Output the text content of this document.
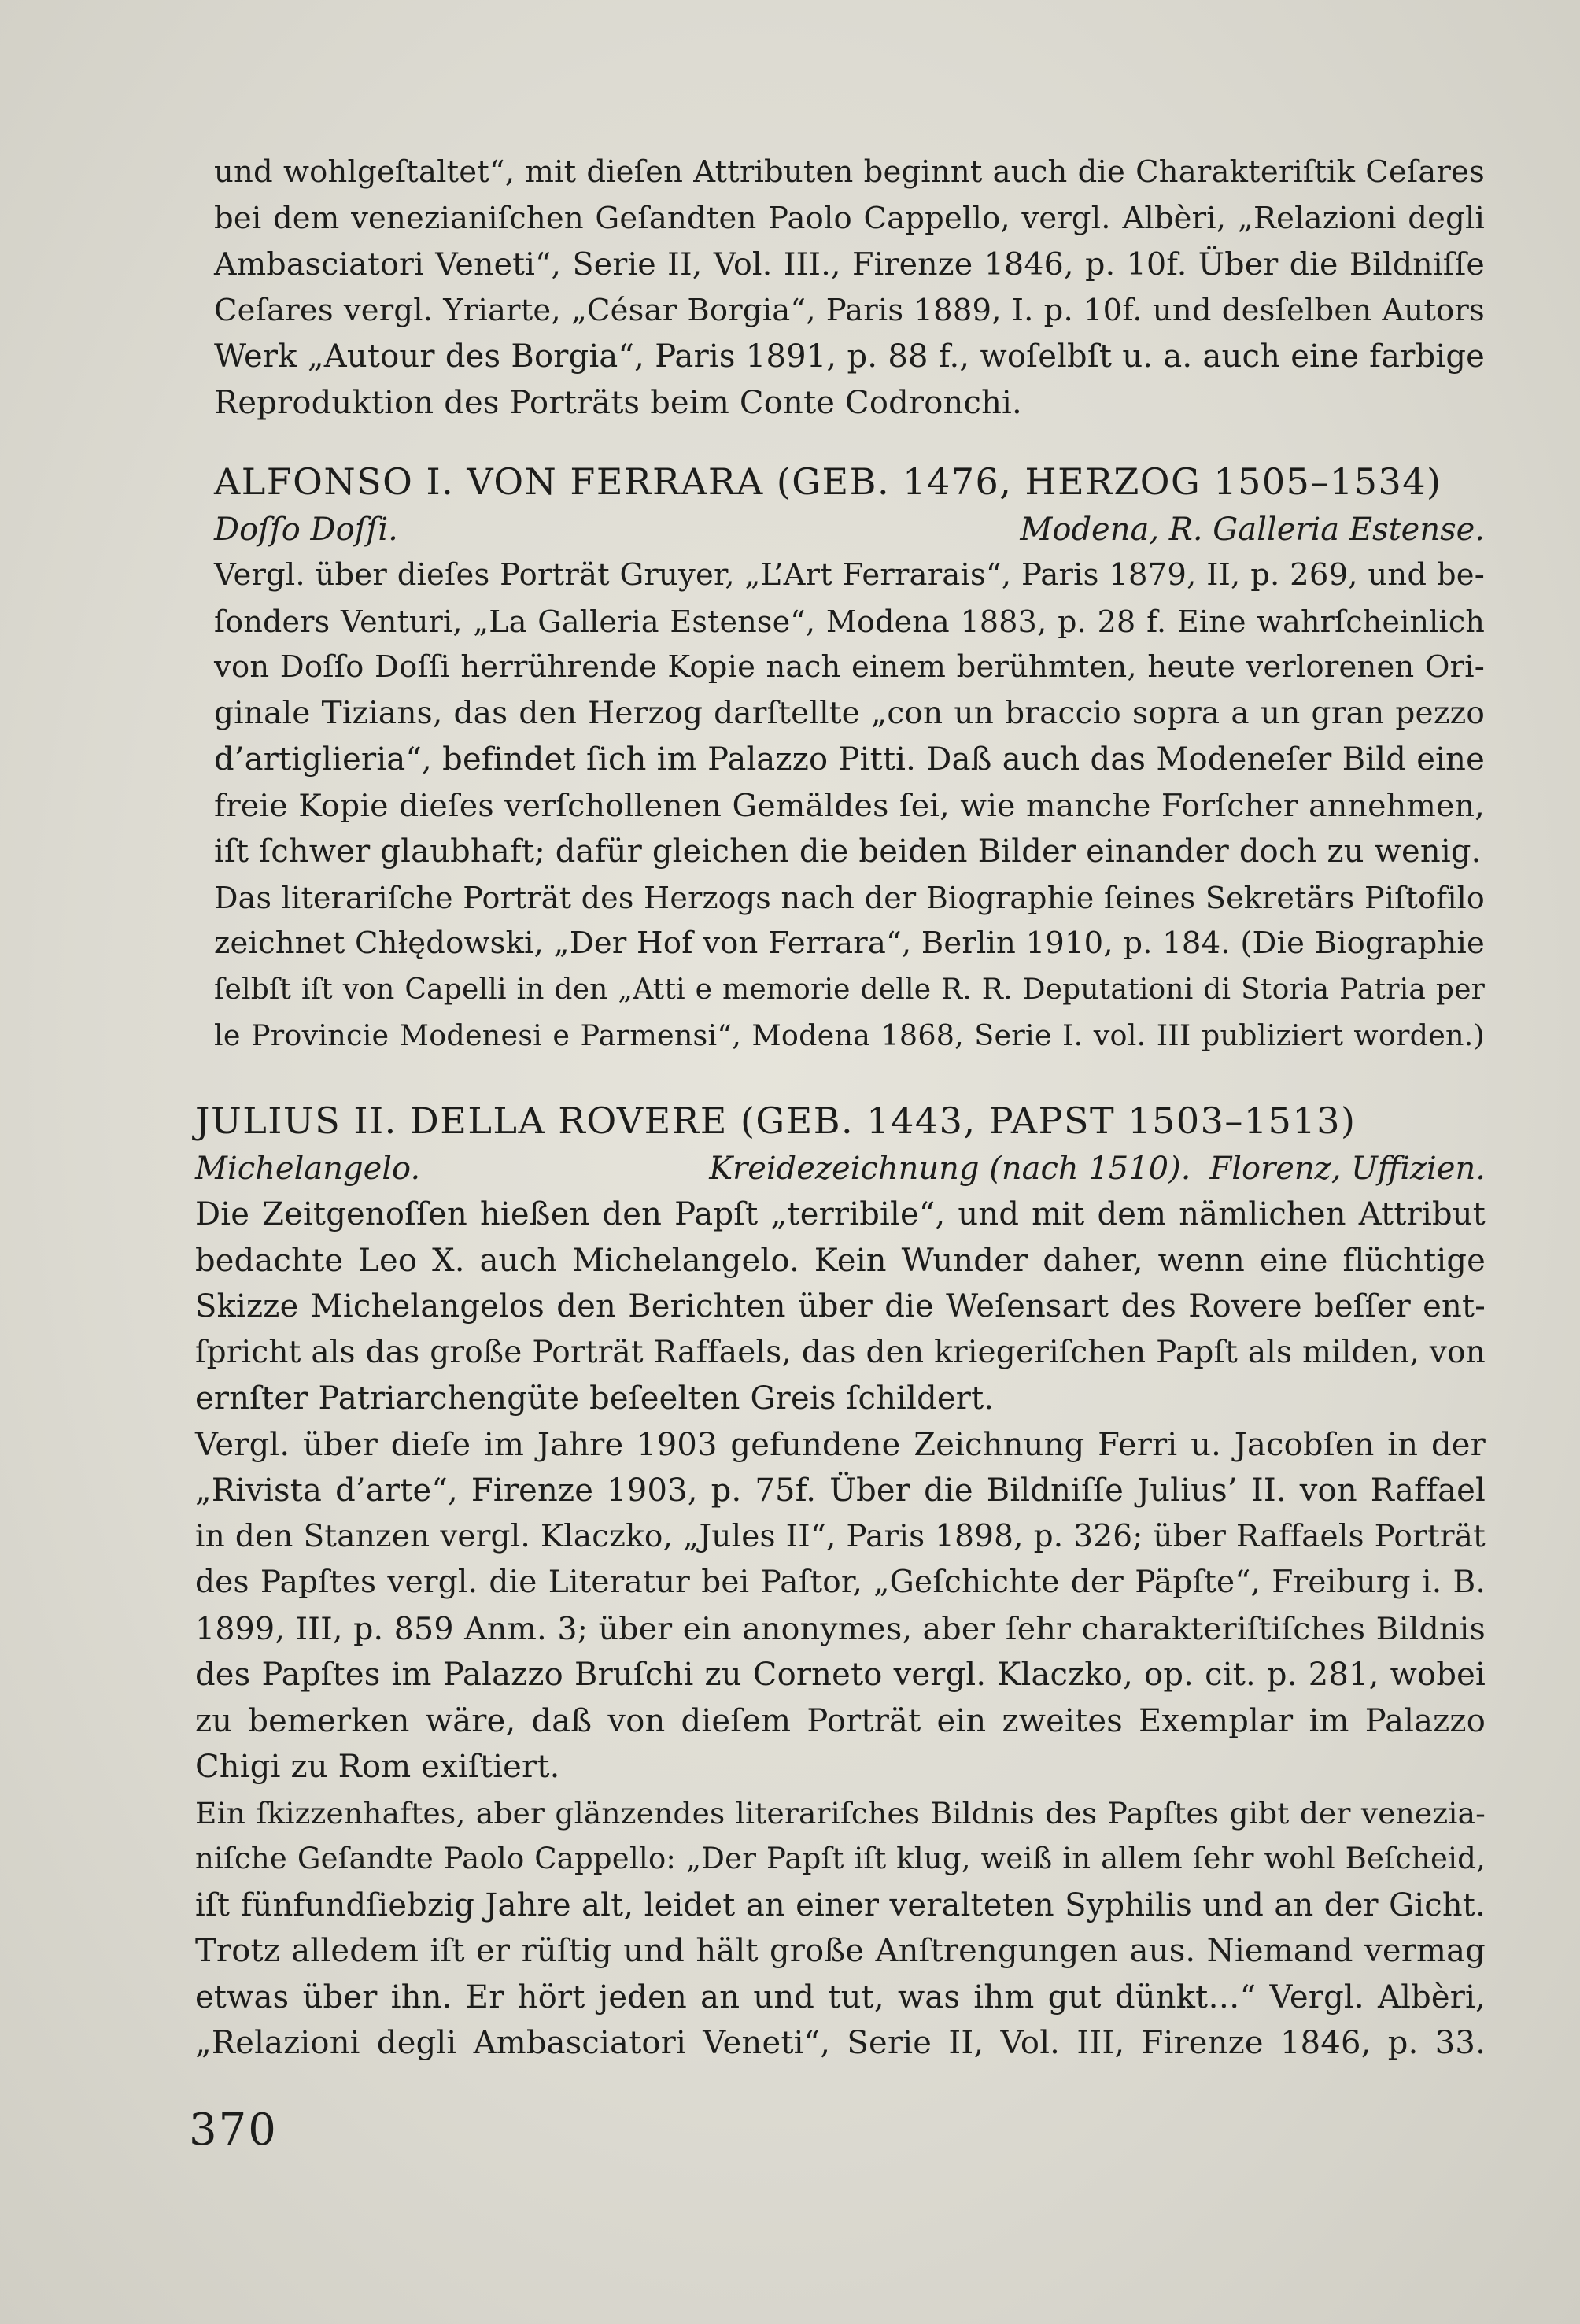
und wohlgeſtaltet“, mit dieſen Attributen beginnt auch die Charakteriſtik Ceſares
bei dem venezianiſchen Geſandten Paolo Cappello, vergl. Albèri, „Relazioni degli
Ambasciatori Veneti“, Serie II, Vol. III., Firenze 1846, p. 10f. Über die Bildniſſe
Ceſares vergl. Yriarte, „César Borgia“, Paris 1889, I. p. 10f. und desſelben Autors
Werk „Autour des Borgia“, Paris 1891, p. 88 f., woſelbſt u. a. auch eine farbige
Reproduktion des Porträts beim Conte Codronchi.
ALFONSO I. VON FERRARA (GEB. 1476, HERZOG 1505–1534)
Doſſo Doſſi.	Modena, R. Galleria Estense.
Vergl. über dieſes Porträt Gruyer, „L’Art Ferrarais“, Paris 1879, II, p. 269, und be-
ſonders Venturi, „La Galleria Estense“, Modena 1883, p. 28 f. Eine wahrſcheinlich
von Doſſo Doſſi herrührende Kopie nach einem berühmten, heute verlorenen Ori-
ginale Tizians, das den Herzog darſtellte „con un braccio sopra a un gran pezzo
d’artiglieria“, befindet ſich im Palazzo Pitti. Daß auch das Modeneſer Bild eine
freie Kopie dieſes verſchollenen Gemäldes ſei, wie manche Forſcher annehmen,
iſt ſchwer glaubhaft; dafür gleichen die beiden Bilder einander doch zu wenig.
Das literariſche Porträt des Herzogs nach der Biographie ſeines Sekretärs Piſtofilo
zeichnet Chłędowski, „Der Hof von Ferrara“, Berlin 1910, p. 184. (Die Biographie
ſelbſt iſt von Capelli in den „Atti e memorie delle R. R. Deputationi di Storia Patria per
le Provincie Modenesi e Parmensi“, Modena 1868, Serie I. vol. III publiziert worden.)
JULIUS II. DELLA ROVERE (GEB. 1443, PAPST 1503–1513)
Michelangelo.	Kreidezeichnung (nach 1510). Florenz, Uffizien.
Die Zeitgenoſſen hießen den Papſt „terribile“, und mit dem nämlichen Attribut
bedachte Leo X. auch Michelangelo. Kein Wunder daher, wenn eine flüchtige
Skizze Michelangelos den Berichten über die Weſensart des Rovere beſſer ent-
ſpricht als das große Porträt Raffaels, das den kriegeriſchen Papſt als milden, von
ernſter Patriarchengüte beſeelten Greis ſchildert.
Vergl. über dieſe im Jahre 1903 gefundene Zeichnung Ferri u. Jacobſen in der
„Rivista d’arte“, Firenze 1903, p. 75f. Über die Bildniſſe Julius’ II. von Raffael
in den Stanzen vergl. Klaczko, „Jules II“, Paris 1898, p. 326; über Raffaels Porträt
des Papſtes vergl. die Literatur bei Paſtor, „Geſchichte der Päpſte“, Freiburg i. B.
1899, III, p. 859 Anm. 3; über ein anonymes, aber ſehr charakteriſtiſches Bildnis
des Papſtes im Palazzo Bruſchi zu Corneto vergl. Klaczko, op. cit. p. 281, wobei
zu bemerken wäre, daß von dieſem Porträt ein zweites Exemplar im Palazzo
Chigi zu Rom exiſtiert.
Ein ſkizzenhaftes, aber glänzendes literariſches Bildnis des Papſtes gibt der venezia-
niſche Geſandte Paolo Cappello: „Der Papſt iſt klug, weiß in allem ſehr wohl Beſcheid,
iſt fünfundſiebzig Jahre alt, leidet an einer veralteten Syphilis und an der Gicht.
Trotz alledem iſt er rüſtig und hält große Anſtrengungen aus. Niemand vermag
etwas über ihn. Er hört jeden an und tut, was ihm gut dünkt…“ Vergl. Albèri,
„Relazioni degli Ambasciatori Veneti“, Serie II, Vol. III, Firenze 1846, p. 33.
370
